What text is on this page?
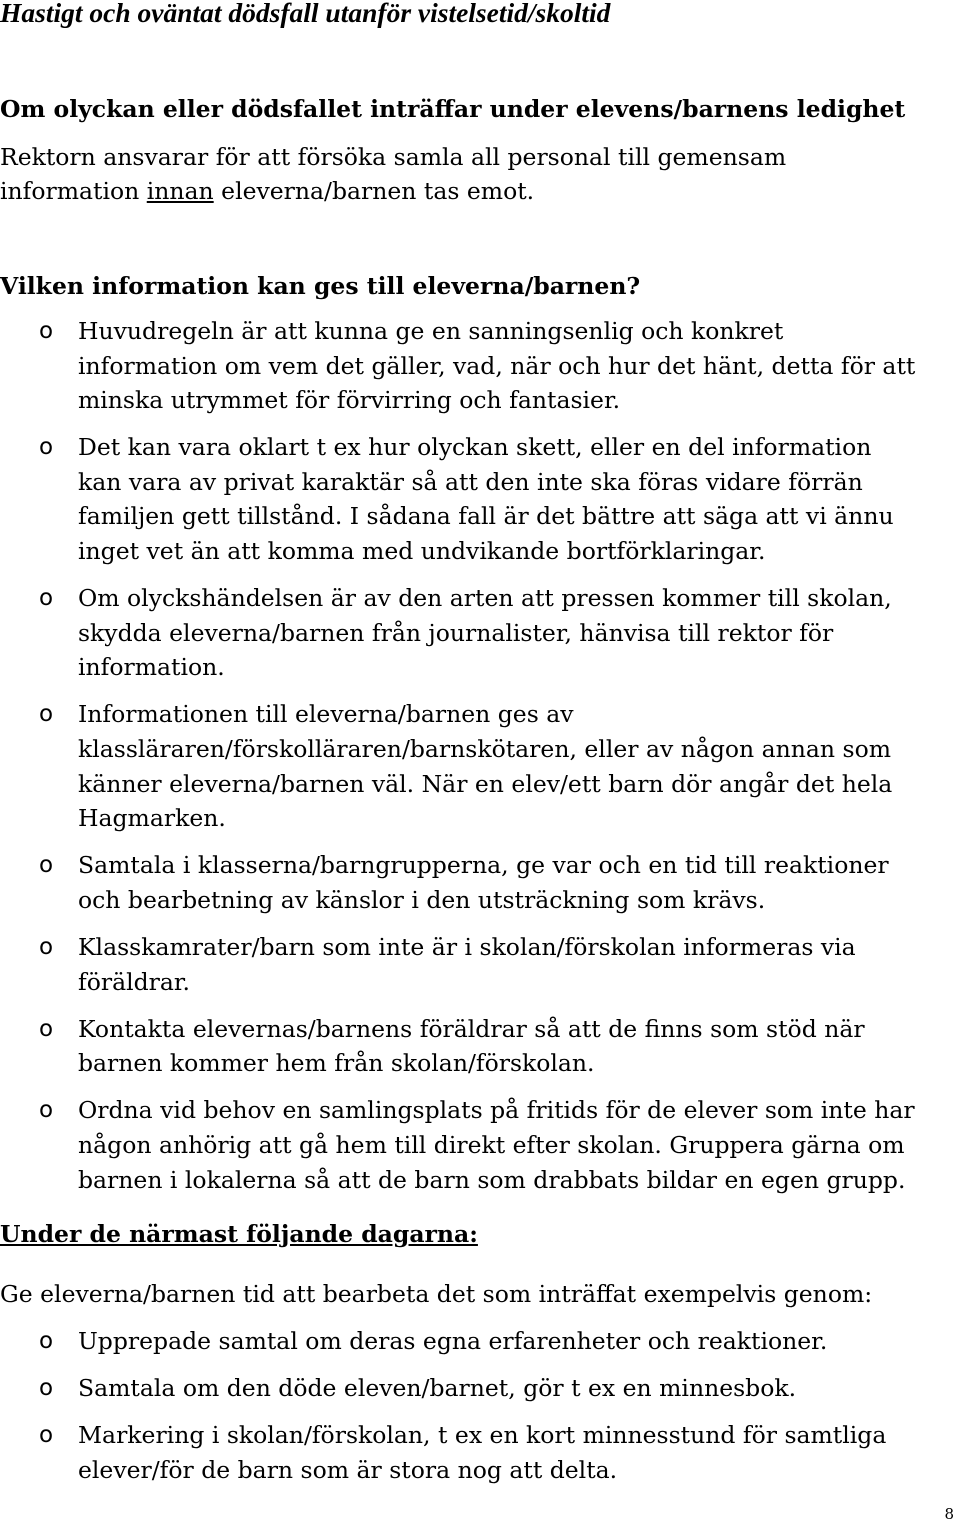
Hastigt och oväntat dödsfall utanför vistelsetid/skoltid
Om olyckan eller dödsfallet inträffar under elevens/barnens ledighet

Rektorn ansvarar för att försöka samla all personal till gemensam
information innan eleverna/barnen tas emot.

Vilken information kan ges till eleverna/barnen?
o Huvudregeln är att kunna ge en sanningsenlig och konkret
information om vem det gäller, vad, när och hur det hänt, detta för att
minska utrymmet för förvirring och fantasier.
o Det kan vara oklart t ex hur olyckan skett, eller en del information
kan vara av privat karaktär så att den inte ska föras vidare förrän
familjen gett tillstånd. I sådana fall är det bättre att säga att vi ännu
inget vet än att komma med undvikande bortförklaringar.
o Om olyckshändelsen är av den arten att pressen kommer till skolan,
skydda eleverna/barnen från journalister, hänvisa till rektor för
information.
o Informationen till eleverna/barnen ges av
klassläraren/förskolläraren/barnskötaren, eller av någon annan som
känner eleverna/barnen väl. När en elev/ett barn dör angår det hela
Hagmarken.
o Samtala i klasserna/barngrupperna, ge var och en tid till reaktioner
och bearbetning av känslor i den utsträckning som krävs.
o Klasskamrater/barn som inte är i skolan/förskolan informeras via
föräldrar.
o Kontakta elevernas/barnens föräldrar så att de finns som stöd när
barnen kommer hem från skolan/förskolan.
o Ordna vid behov en samlingsplats på fritids för de elever som inte har
någon anhörig att gå hem till direkt efter skolan. Gruppera gärna om
barnen i lokalerna så att de barn som drabbats bildar en egen grupp.
Under de närmast följande dagarna:

Ge eleverna/barnen tid att bearbeta det som inträffat exempelvis genom:

o Upprepade samtal om deras egna erfarenheter och reaktioner.
o Samtala om den döde eleven/barnet, gör t ex en minnesbok.
o Markering i skolan/förskolan, t ex en kort minnesstund för samtliga
elever/för de barn som är stora nog att delta.
8
